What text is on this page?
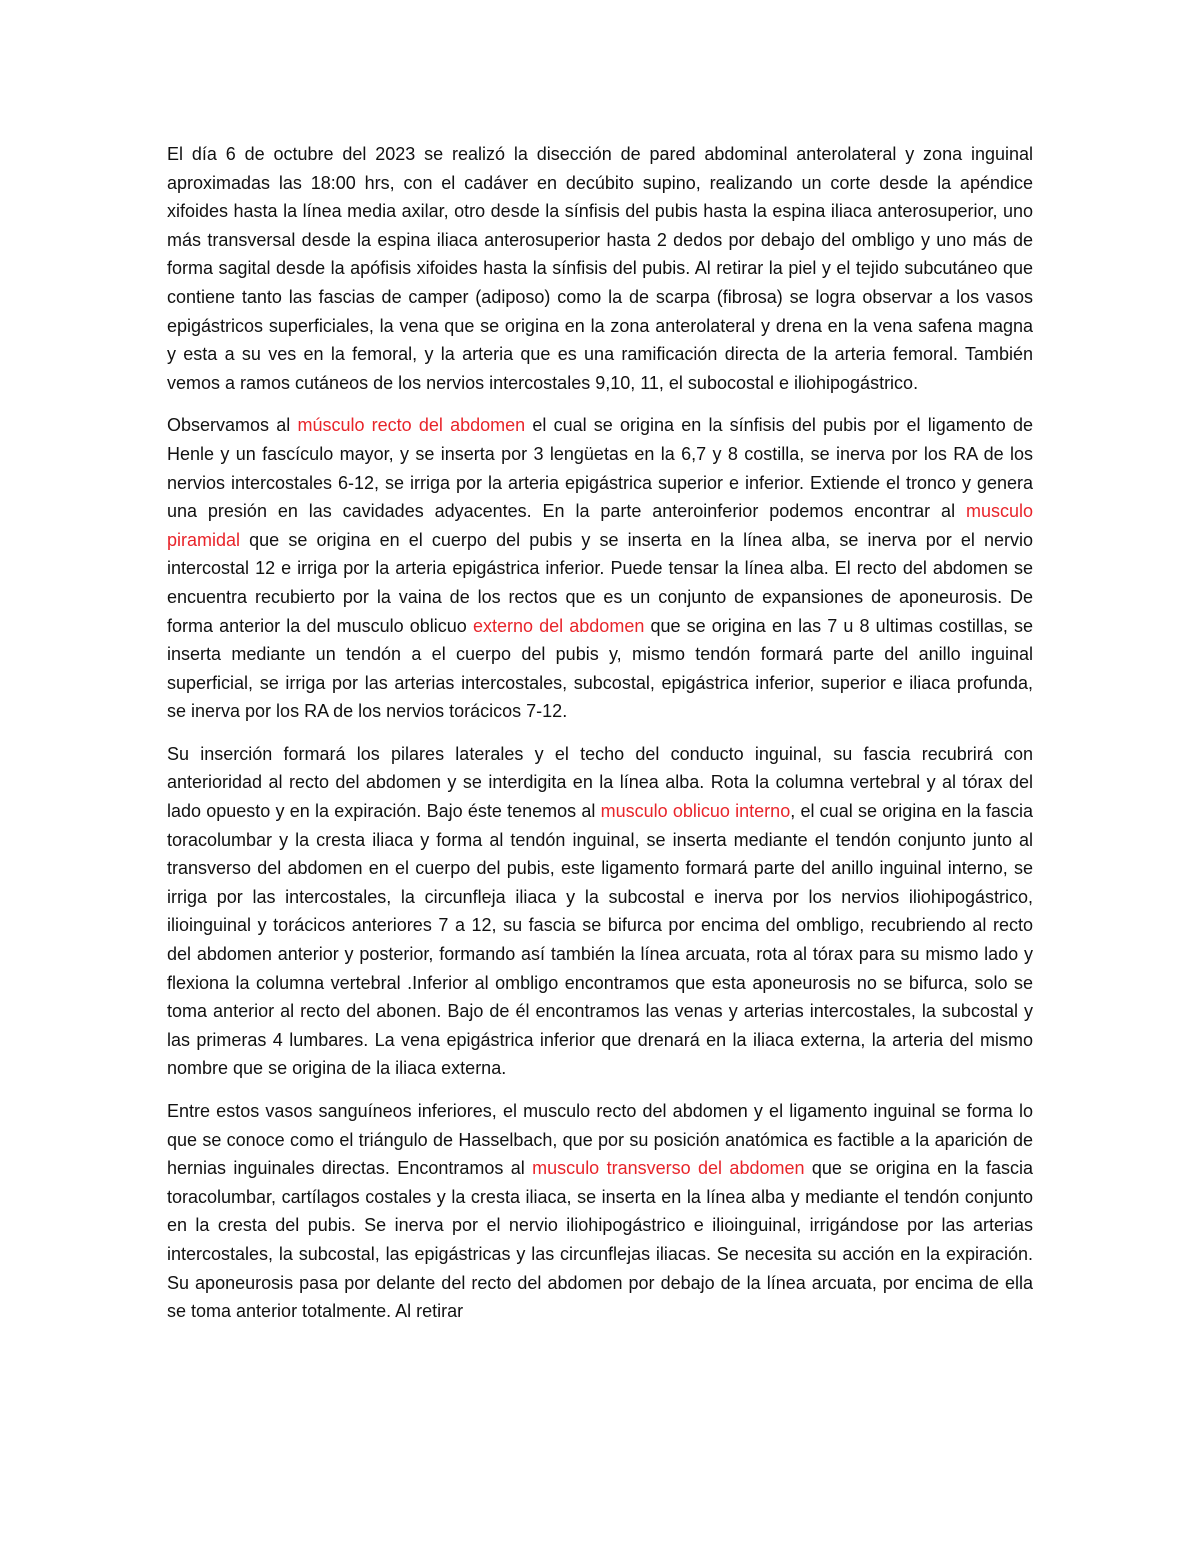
El día 6 de octubre del 2023 se realizó la disección de pared abdominal anterolateral y zona inguinal aproximadas las 18:00 hrs, con el cadáver en decúbito supino, realizando un corte desde la apéndice xifoides hasta la línea media axilar, otro desde la sínfisis del pubis hasta la espina iliaca anterosuperior, uno más transversal desde la espina iliaca anterosuperior hasta 2 dedos por debajo del ombligo y uno más de forma sagital desde la apófisis xifoides hasta la sínfisis del pubis. Al retirar la piel y el tejido subcutáneo que contiene tanto las fascias de camper (adiposo) como la de scarpa (fibrosa) se logra observar a los vasos epigástricos superficiales, la vena que se origina en la zona anterolateral y drena en la vena safena magna y esta a su ves en la femoral, y la arteria que es una ramificación directa de la arteria femoral. También vemos a ramos cutáneos de los nervios intercostales 9,10, 11, el subocostal e iliohipogástrico.

Observamos al músculo recto del abdomen el cual se origina en la sínfisis del pubis por el ligamento de Henle y un fascículo mayor, y se inserta por 3 lengüetas en la 6,7 y 8 costilla, se inerva por los RA de los nervios intercostales 6-12, se irriga por la arteria epigástrica superior e inferior. Extiende el tronco y genera una presión en las cavidades adyacentes. En la parte anteroinferior podemos encontrar al musculo piramidal que se origina en el cuerpo del pubis y se inserta en la línea alba, se inerva por el nervio intercostal 12 e irriga por la arteria epigástrica inferior. Puede tensar la línea alba. El recto del abdomen se encuentra recubierto por la vaina de los rectos que es un conjunto de expansiones de aponeurosis. De forma anterior la del musculo oblicuo externo del abdomen que se origina en las 7 u 8 ultimas costillas, se inserta mediante un tendón a el cuerpo del pubis y, mismo tendón formará parte del anillo inguinal superficial, se irriga por las arterias intercostales, subcostal, epigástrica inferior, superior e iliaca profunda, se inerva por los RA de los nervios torácicos 7-12.

Su inserción formará los pilares laterales y el techo del conducto inguinal, su fascia recubrirá con anterioridad al recto del abdomen y se interdigita en la línea alba. Rota la columna vertebral y al tórax del lado opuesto y en la expiración. Bajo éste tenemos al musculo oblicuo interno, el cual se origina en la fascia toracolumbar y la cresta iliaca y forma al tendón inguinal, se inserta mediante el tendón conjunto junto al transverso del abdomen en el cuerpo del pubis, este ligamento formará parte del anillo inguinal interno, se irriga por las intercostales, la circunfleja iliaca y la subcostal e inerva por los nervios iliohipogástrico, ilioinguinal y torácicos anteriores 7 a 12, su fascia se bifurca por encima del ombligo, recubriendo al recto del abdomen anterior y posterior, formando así también la línea arcuata, rota al tórax para su mismo lado y flexiona la columna vertebral .Inferior al ombligo encontramos que esta aponeurosis no se bifurca, solo se toma anterior al recto del abonen. Bajo de él encontramos las venas y arterias intercostales, la subcostal y las primeras 4 lumbares. La vena epigástrica inferior que drenará en la iliaca externa, la arteria del mismo nombre que se origina de la iliaca externa.

Entre estos vasos sanguíneos inferiores, el musculo recto del abdomen y el ligamento inguinal se forma lo que se conoce como el triángulo de Hasselbach, que por su posición anatómica es factible a la aparición de hernias inguinales directas. Encontramos al musculo transverso del abdomen que se origina en la fascia toracolumbar, cartílagos costales y la cresta iliaca, se inserta en la línea alba y mediante el tendón conjunto en la cresta del pubis. Se inerva por el nervio iliohipogástrico e ilioinguinal, irrigándose por las arterias intercostales, la subcostal, las epigástricas y las circunflejas iliacas. Se necesita su acción en la expiración. Su aponeurosis pasa por delante del recto del abdomen por debajo de la línea arcuata, por encima de ella se toma anterior totalmente. Al retirar
